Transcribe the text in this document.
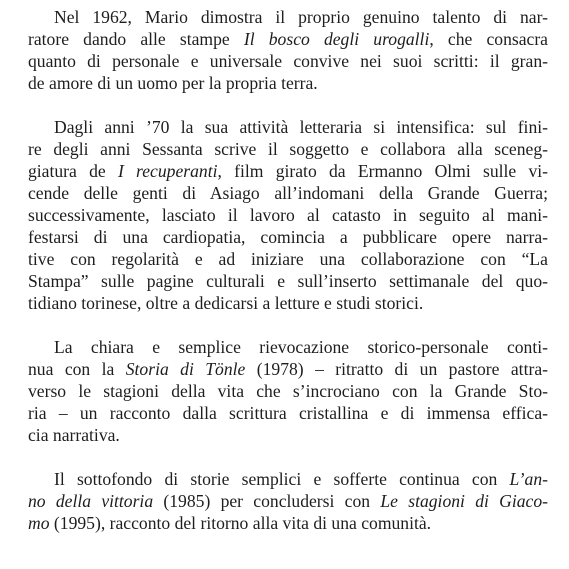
Nel 1962, Mario dimostra il proprio genuino talento di nar-
ratore dando alle stampe Il bosco degli urogalli, che consacra
quanto di personale e universale convive nei suoi scritti: il gran-
de amore di un uomo per la propria terra.
Dagli anni ’70 la sua attività letteraria si intensifica: sul fini-
re degli anni Sessanta scrive il soggetto e collabora alla sceneg-
giatura de I recuperanti, film girato da Ermanno Olmi sulle vi-
cende delle genti di Asiago all’indomani della Grande Guerra;
successivamente, lasciato il lavoro al catasto in seguito al mani-
festarsi di una cardiopatia, comincia a pubblicare opere narra-
tive con regolarità e ad iniziare una collaborazione con “La
Stampa” sulle pagine culturali e sull’inserto settimanale del quo-
tidiano torinese, oltre a dedicarsi a letture e studi storici.
La chiara e semplice rievocazione storico-personale conti-
nua con la Storia di Tönle (1978) – ritratto di un pastore attra-
verso le stagioni della vita che s’incrociano con la Grande Sto-
ria – un racconto dalla scrittura cristallina e di immensa effica-
cia narrativa.
Il sottofondo di storie semplici e sofferte continua con L’an-
no della vittoria (1985) per concludersi con Le stagioni di Giaco-
mo (1995), racconto del ritorno alla vita di una comunità.
